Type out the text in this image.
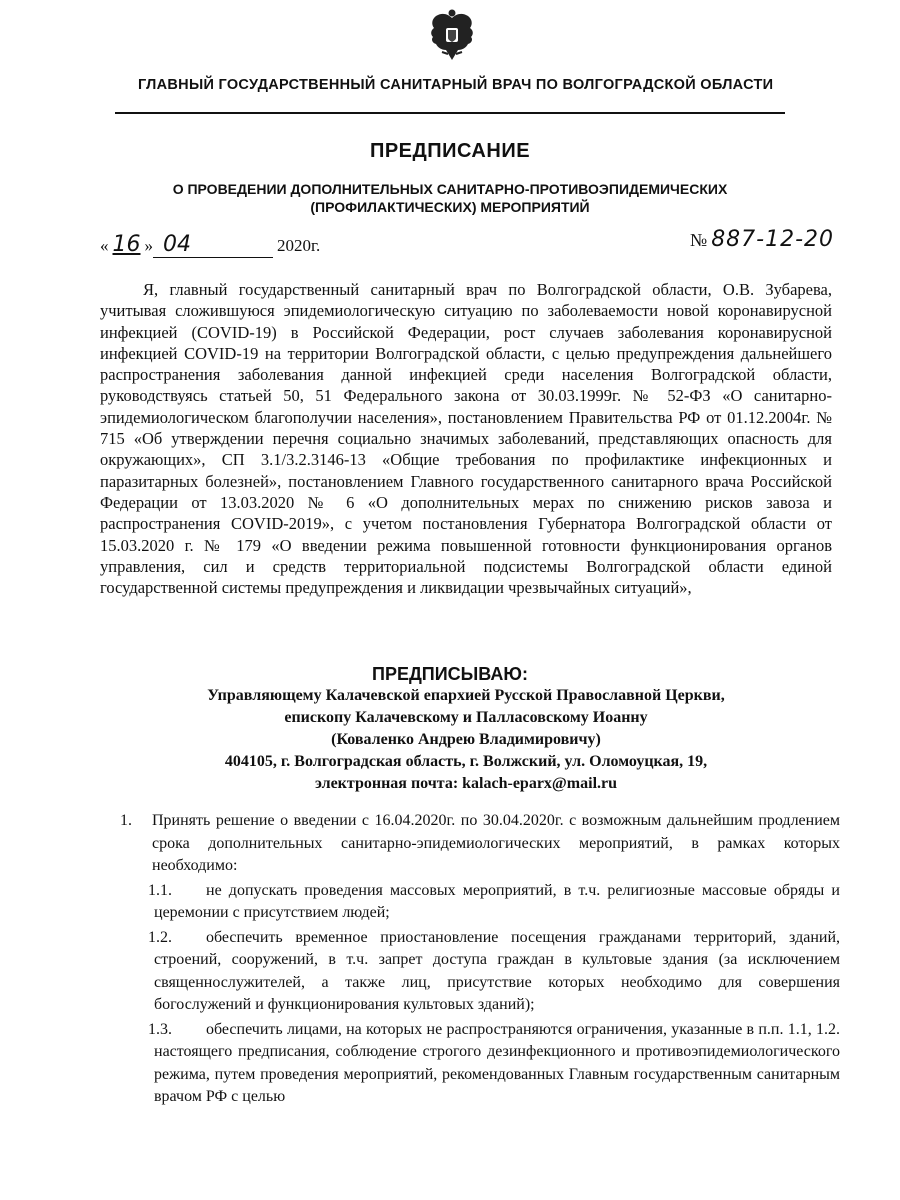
ГЛАВНЫЙ ГОСУДАРСТВЕННЫЙ САНИТАРНЫЙ ВРАЧ ПО ВОЛГОГРАДСКОЙ ОБЛАСТИ
ПРЕДПИСАНИЕ
О ПРОВЕДЕНИИ ДОПОЛНИТЕЛЬНЫХ САНИТАРНО-ПРОТИВОЭПИДЕМИЧЕСКИХ
(ПРОФИЛАКТИЧЕСКИХ) МЕРОПРИЯТИЙ
« 16 » 04	2020г.	№ 887-12-20
Я, главный государственный санитарный врач по Волгоградской области, О.В. Зубарева, учитывая сложившуюся эпидемиологическую ситуацию по заболеваемости новой коронавирусной инфекцией (COVID-19) в Российской Федерации, рост случаев заболевания коронавирусной инфекцией COVID-19 на территории Волгоградской области, с целью предупреждения дальнейшего распространения заболевания данной инфекцией среди населения Волгоградской области, руководствуясь статьей 50, 51 Федерального закона от 30.03.1999г. № 52-ФЗ «О санитарно-эпидемиологическом благополучии населения», постановлением Правительства РФ от 01.12.2004г. № 715 «Об утверждении перечня социально значимых заболеваний, представляющих опасность для окружающих», СП 3.1/3.2.3146-13 «Общие требования по профилактике инфекционных и паразитарных болезней», постановлением Главного государственного санитарного врача Российской Федерации от 13.03.2020 № 6 «О дополнительных мерах по снижению рисков завоза и распространения COVID-2019», с учетом постановления Губернатора Волгоградской области от 15.03.2020 г. № 179 «О введении режима повышенной готовности функционирования органов управления, сил и средств территориальной подсистемы Волгоградской области единой государственной системы предупреждения и ликвидации чрезвычайных ситуаций»,
ПРЕДПИСЫВАЮ:
Управляющему Калачевской епархией Русской Православной Церкви,
епископу Калачевскому и Палласовскому Иоанну
(Коваленко Андрею Владимировичу)
404105, г. Волгоградская область, г. Волжский, ул. Оломоуцкая, 19,
электронная почта: kalach-eparx@mail.ru
1. Принять решение о введении с 16.04.2020г. по 30.04.2020г. с возможным дальнейшим продлением срока дополнительных санитарно-эпидемиологических мероприятий, в рамках которых необходимо:
1.1.	не допускать проведения массовых мероприятий, в т.ч. религиозные массовые обряды и церемонии с присутствием людей;
1.2.	обеспечить временное приостановление посещения гражданами территорий, зданий, строений, сооружений, в т.ч. запрет доступа граждан в культовые здания (за исключением священнослужителей, а также лиц, присутствие которых необходимо для совершения богослужений и функционирования культовых зданий);
1.3.	обеспечить лицами, на которых не распространяются ограничения, указанные в п.п. 1.1, 1.2. настоящего предписания, соблюдение строгого дезинфекционного и противоэпидемиологического режима, путем проведения мероприятий, рекомендованных Главным государственным санитарным врачом РФ с целью
